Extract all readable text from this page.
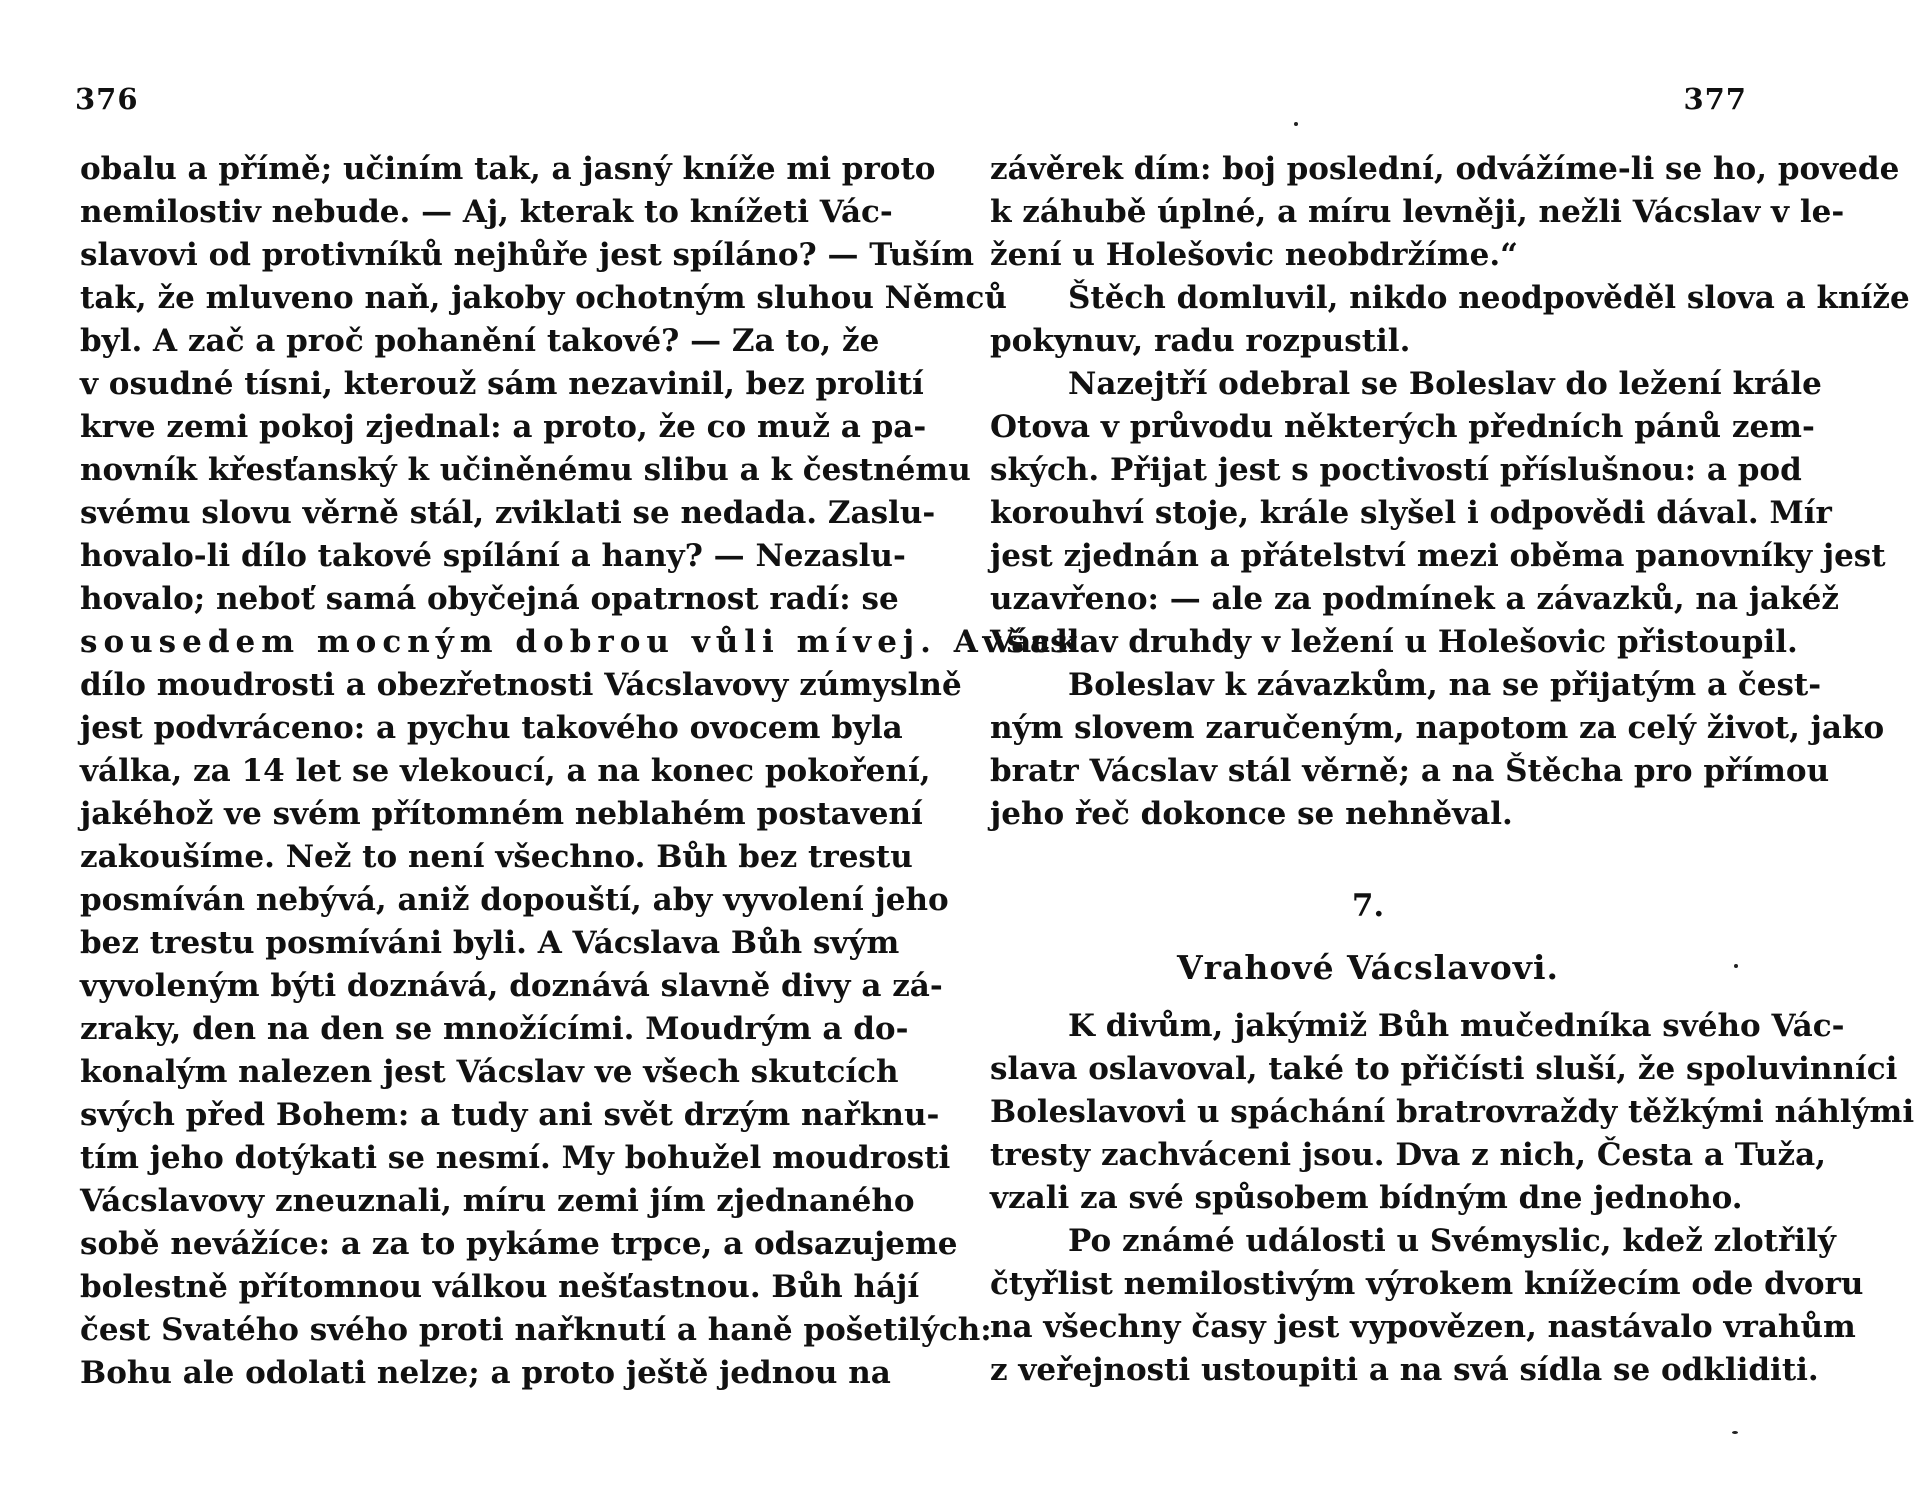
376
obalu a přímě; učiním tak, a jasný kníže mi proto
nemilostiv nebude. — Aj, kterak to knížeti Vác-
slavovi od protivníků nejhůře jest spíláno? — Tuším
tak, že mluveno naň, jakoby ochotným sluhou Němců
byl. A zač a proč pohanění takové? — Za to, že
v osudné tísni, kterouž sám nezavinil, bez prolití
krve zemi pokoj zjednal: a proto, že co muž a pa-
novník křesťanský k učiněnému slibu a k čestnému
svému slovu věrně stál, zviklati se nedada. Zaslu-
hovalo-li dílo takové spílání a hany? — Nezaslu-
hovalo; neboť samá obyčejná opatrnost radí: se
sousedem mocným dobrou vůli mívej. Avšak
dílo moudrosti a obezřetnosti Vácslavovy zúmyslně
jest podvráceno: a pychu takového ovocem byla
válka, za 14 let se vlekoucí, a na konec pokoření,
jakéhož ve svém přítomném neblahém postavení
zakoušíme. Než to není všechno. Bůh bez trestu
posmíván nebývá, aniž dopouští, aby vyvolení jeho
bez trestu posmíváni byli. A Vácslava Bůh svým
vyvoleným býti doznává, doznává slavně divy a zá-
zraky, den na den se množícími. Moudrým a do-
konalým nalezen jest Vácslav ve všech skutcích
svých před Bohem: a tudy ani svět drzým nařknu-
tím jeho dotýkati se nesmí. My bohužel moudrosti
Vácslavovy zneuznali, míru zemi jím zjednaného
sobě nevážíce: a za to pykáme trpce, a odsazujeme
bolestně přítomnou válkou nešťastnou. Bůh hájí
čest Svatého svého proti nařknutí a haně pošetilých:
Bohu ale odolati nelze; a proto ještě jednou na
377
závěrek dím: boj poslední, odvážíme-li se ho, povede
k záhubě úplné, a míru levněji, nežli Vácslav v le-
žení u Holešovic neobdržíme.“
Štěch domluvil, nikdo neodpověděl slova a kníže
pokynuv, radu rozpustil.
Nazejtří odebral se Boleslav do ležení krále
Otova v průvodu některých předních pánů zem-
ských. Přijat jest s poctivostí příslušnou: a pod
korouhví stoje, krále slyšel i odpovědi dával. Mír
jest zjednán a přátelství mezi oběma panovníky jest
uzavřeno: — ale za podmínek a závazků, na jakéž
Vácslav druhdy v ležení u Holešovic přistoupil.
Boleslav k závazkům, na se přijatým a čest-
ným slovem zaručeným, napotom za celý život, jako
bratr Vácslav stál věrně; a na Štěcha pro přímou
jeho řeč dokonce se nehněval.
7.
Vrahové Vácslavovi.
K divům, jakýmiž Bůh mučedníka svého Vác-
slava oslavoval, také to přičísti sluší, že spoluvinníci
Boleslavovi u spáchání bratrovraždy těžkými náhlými
tresty zachváceni jsou. Dva z nich, Česta a Tuža,
vzali za své spůsobem bídným dne jednoho.
Po známé události u Svémyslic, kdež zlotřilý
čtyřlist nemilostivým výrokem knížecím ode dvoru
na všechny časy jest vypovězen, nastávalo vrahům
z veřejnosti ustoupiti a na svá sídla se odkliditi.
